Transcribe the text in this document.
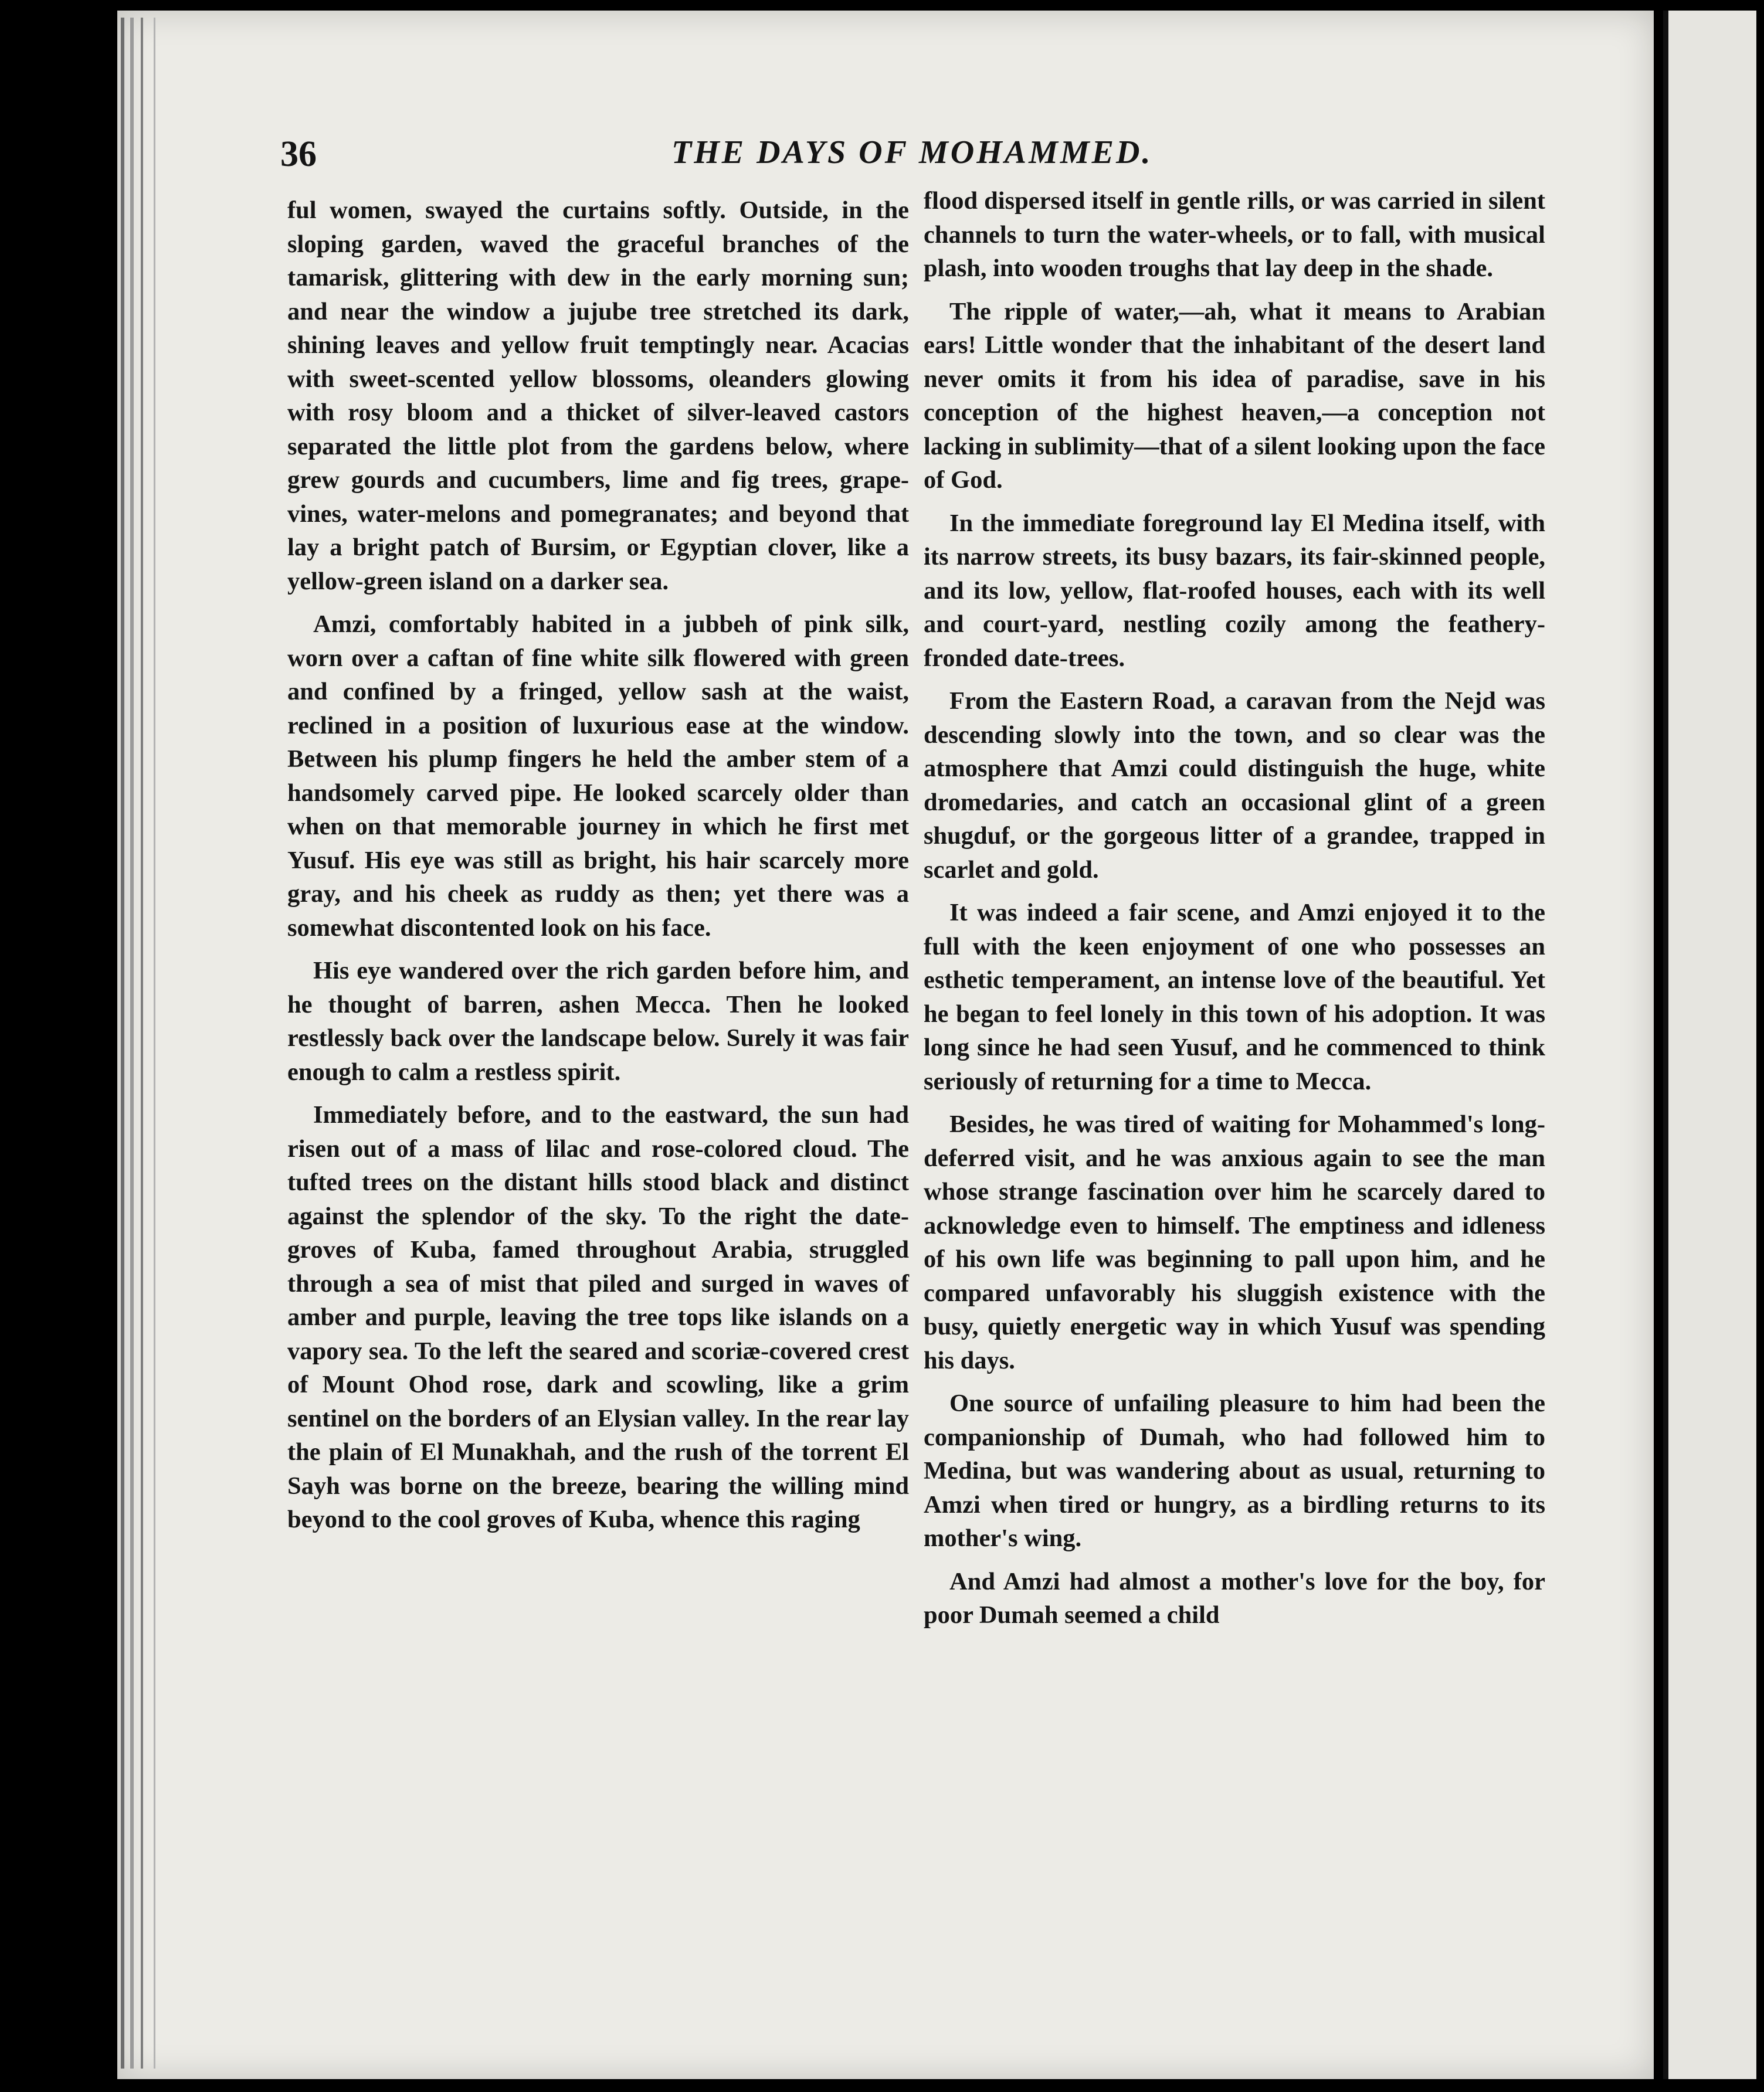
36	THE DAYS OF MOHAMMED.

ful women, swayed the curtains softly. Outside, in the sloping garden, waved the graceful branches of the tamarisk, glittering with dew in the early morning sun; and near the window a jujube tree stretched its dark, shining leaves and yellow fruit temptingly near. Acacias with sweet-scented yellow blossoms, oleanders glowing with rosy bloom and a thicket of silver-leaved castors separated the little plot from the gardens below, where grew gourds and cucumbers, lime and fig trees, grape-vines, water-melons and pomegranates; and beyond that lay a bright patch of Bursim, or Egyptian clover, like a yellow-green island on a darker sea.

Amzi, comfortably habited in a jubbeh of pink silk, worn over a caftan of fine white silk flowered with green and confined by a fringed, yellow sash at the waist, reclined in a position of luxurious ease at the window. Between his plump fingers he held the amber stem of a handsomely carved pipe. He looked scarcely older than when on that memorable journey in which he first met Yusuf. His eye was still as bright, his hair scarcely more gray, and his cheek as ruddy as then; yet there was a somewhat discontented look on his face.

His eye wandered over the rich garden before him, and he thought of barren, ashen Mecca. Then he looked restlessly back over the landscape below. Surely it was fair enough to calm a restless spirit.

Immediately before, and to the eastward, the sun had risen out of a mass of lilac and rose-colored cloud. The tufted trees on the distant hills stood black and distinct against the splendor of the sky. To the right the date-groves of Kuba, famed throughout Arabia, struggled through a sea of mist that piled and surged in waves of amber and purple, leaving the tree tops like islands on a vapory sea. To the left the seared and scoriæ-covered crest of Mount Ohod rose, dark and scowling, like a grim sentinel on the borders of an Elysian valley. In the rear lay the plain of El Munakhah, and the rush of the torrent El Sayh was borne on the breeze, bearing the willing mind beyond to the cool groves of Kuba, whence this raging

flood dispersed itself in gentle rills, or was carried in silent channels to turn the water-wheels, or to fall, with musical plash, into wooden troughs that lay deep in the shade.

The ripple of water,—ah, what it means to Arabian ears! Little wonder that the inhabitant of the desert land never omits it from his idea of paradise, save in his conception of the highest heaven,—a conception not lacking in sublimity—that of a silent looking upon the face of God.

In the immediate foreground lay El Medina itself, with its narrow streets, its busy bazars, its fair-skinned people, and its low, yellow, flat-roofed houses, each with its well and court-yard, nestling cozily among the feathery-fronded date-trees.

From the Eastern Road, a caravan from the Nejd was descending slowly into the town, and so clear was the atmosphere that Amzi could distinguish the huge, white dromedaries, and catch an occasional glint of a green shugduf, or the gorgeous litter of a grandee, trapped in scarlet and gold.

It was indeed a fair scene, and Amzi enjoyed it to the full with the keen enjoyment of one who possesses an esthetic temperament, an intense love of the beautiful. Yet he began to feel lonely in this town of his adoption. It was long since he had seen Yusuf, and he commenced to think seriously of returning for a time to Mecca.

Besides, he was tired of waiting for Mohammed's long-deferred visit, and he was anxious again to see the man whose strange fascination over him he scarcely dared to acknowledge even to himself. The emptiness and idleness of his own life was beginning to pall upon him, and he compared unfavorably his sluggish existence with the busy, quietly energetic way in which Yusuf was spending his days.

One source of unfailing pleasure to him had been the companionship of Dumah, who had followed him to Medina, but was wandering about as usual, returning to Amzi when tired or hungry, as a birdling returns to its mother's wing.

And Amzi had almost a mother's love for the boy, for poor Dumah seemed a child
